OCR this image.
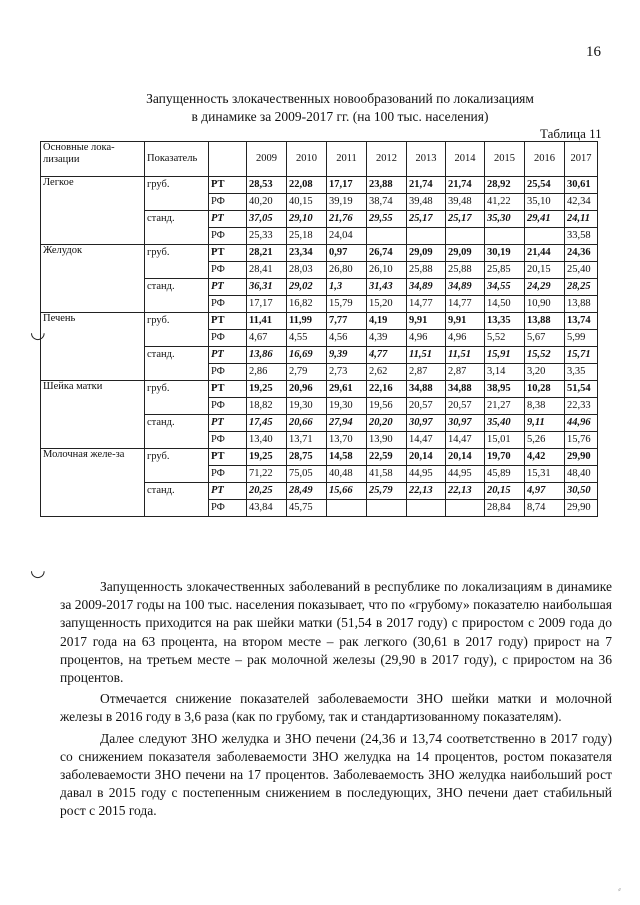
16
Запущенность злокачественных новообразований по локализациям
в динамике за 2009-2017 гг. (на 100 тыс. населения)
Таблица 11
Основные лока-лизации	Показатель		2009	2010	2011	2012	2013	2014	2015	2016	2017
Легкое	груб.	РТ	28,53	22,08	17,17	23,88	21,74	21,74	28,92	25,54	30,61
		РФ	40,20	40,15	39,19	38,74	39,48	39,48	41,22	35,10	42,34
	станд.	РТ	37,05	29,10	21,76	29,55	25,17	25,17	35,30	29,41	24,11
		РФ	25,33	25,18	24,04						33,58
Желудок	груб.	РТ	28,21	23,34	0,97	26,74	29,09	29,09	30,19	21,44	24,36
		РФ	28,41	28,03	26,80	26,10	25,88	25,88	25,85	20,15	25,40
	станд.	РТ	36,31	29,02	1,3	31,43	34,89	34,89	34,55	24,29	28,25
		РФ	17,17	16,82	15,79	15,20	14,77	14,77	14,50	10,90	13,88
Печень	груб.	РТ	11,41	11,99	7,77	4,19	9,91	9,91	13,35	13,88	13,74
		РФ	4,67	4,55	4,56	4,39	4,96	4,96	5,52	5,67	5,99
	станд.	РТ	13,86	16,69	9,39	4,77	11,51	11,51	15,91	15,52	15,71
		РФ	2,86	2,79	2,73	2,62	2,87	2,87	3,14	3,20	3,35
Шейка матки	груб.	РТ	19,25	20,96	29,61	22,16	34,88	34,88	38,95	10,28	51,54
		РФ	18,82	19,30	19,30	19,56	20,57	20,57	21,27	8,38	22,33
	станд.	РТ	17,45	20,66	27,94	20,20	30,97	30,97	35,40	9,11	44,96
		РФ	13,40	13,71	13,70	13,90	14,47	14,47	15,01	5,26	15,76
Молочная желе-за	груб.	РТ	19,25	28,75	14,58	22,59	20,14	20,14	19,70	4,42	29,90
		РФ	71,22	75,05	40,48	41,58	44,95	44,95	45,89	15,31	48,40
	станд.	РТ	20,25	28,49	15,66	25,79	22,13	22,13	20,15	4,97	30,50
		РФ	43,84	45,75					28,84	8,74	29,90
◡
◡

Запущенность злокачественных заболеваний в республике по локализациям в динамике за 2009-2017 годы на 100 тыс. населения показывает, что по «грубому» показателю наибольшая запущенность приходится на рак шейки матки (51,54 в 2017 году) с приростом с 2009 года до 2017 года на 63 процента, на втором месте – рак легкого (30,61 в 2017 году) прирост на 7 процентов, на третьем месте – рак молочной железы (29,90 в 2017 году), с приростом на 36 процентов.

Отмечается снижение показателей заболеваемости ЗНО шейки матки и молочной железы в 2016 году в 3,6 раза (как по грубому, так и стандартизованному показателям).

Далее следуют ЗНО желудка и ЗНО печени (24,36 и 13,74 соответственно в 2017 году) со снижением показателя заболеваемости ЗНО желудка на 14 процентов, ростом показателя заболеваемости ЗНО печени на 17 процентов. Заболеваемость ЗНО желудка наибольший рост давал в 2015 году с постепенным снижением в последующих, ЗНО печени дает стабильный рост с 2015 года.

⸗
